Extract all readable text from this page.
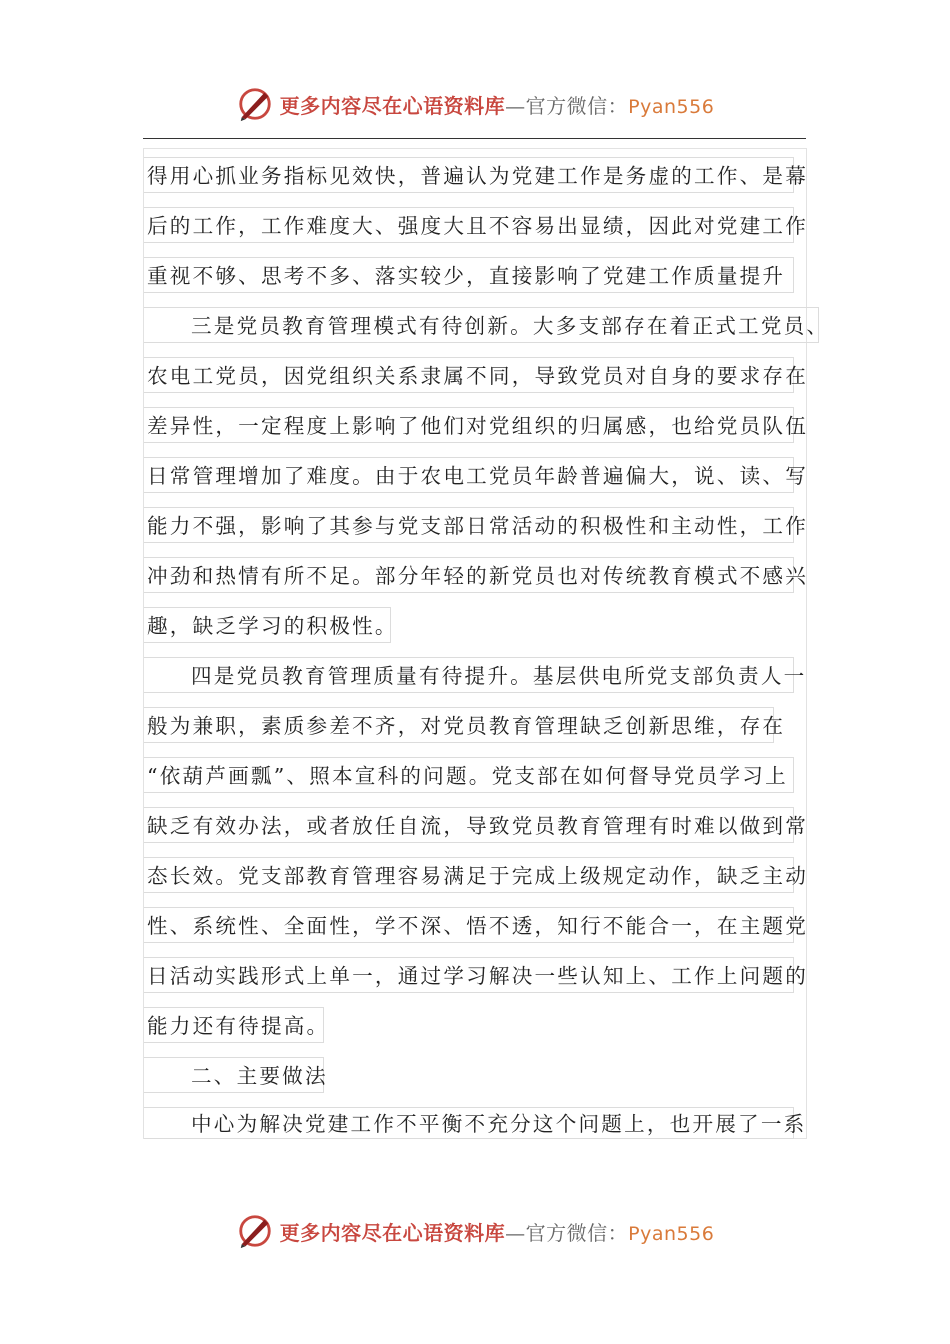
更多内容尽在心语资料库—官方微信：Pyan556
得用心抓业务指标见效快，普遍认为党建工作是务虚的工作、是幕
后的工作，工作难度大、强度大且不容易出显绩，因此对党建工作
重视不够、思考不多、落实较少，直接影响了党建工作质量提升
三是党员教育管理模式有待创新。大多支部存在着正式工党员、
农电工党员，因党组织关系隶属不同，导致党员对自身的要求存在
差异性，一定程度上影响了他们对党组织的归属感，也给党员队伍
日常管理增加了难度。由于农电工党员年龄普遍偏大，说、读、写
能力不强，影响了其参与党支部日常活动的积极性和主动性，工作
冲劲和热情有所不足。部分年轻的新党员也对传统教育模式不感兴
趣，缺乏学习的积极性。
四是党员教育管理质量有待提升。基层供电所党支部负责人一
般为兼职，素质参差不齐，对党员教育管理缺乏创新思维，存在
“依葫芦画瓢”、照本宣科的问题。党支部在如何督导党员学习上
缺乏有效办法，或者放任自流，导致党员教育管理有时难以做到常
态长效。党支部教育管理容易满足于完成上级规定动作，缺乏主动
性、系统性、全面性，学不深、悟不透，知行不能合一，在主题党
日活动实践形式上单一，通过学习解决一些认知上、工作上问题的
能力还有待提高。
二、主要做法
中心为解决党建工作不平衡不充分这个问题上，也开展了一系
更多内容尽在心语资料库—官方微信：Pyan556
